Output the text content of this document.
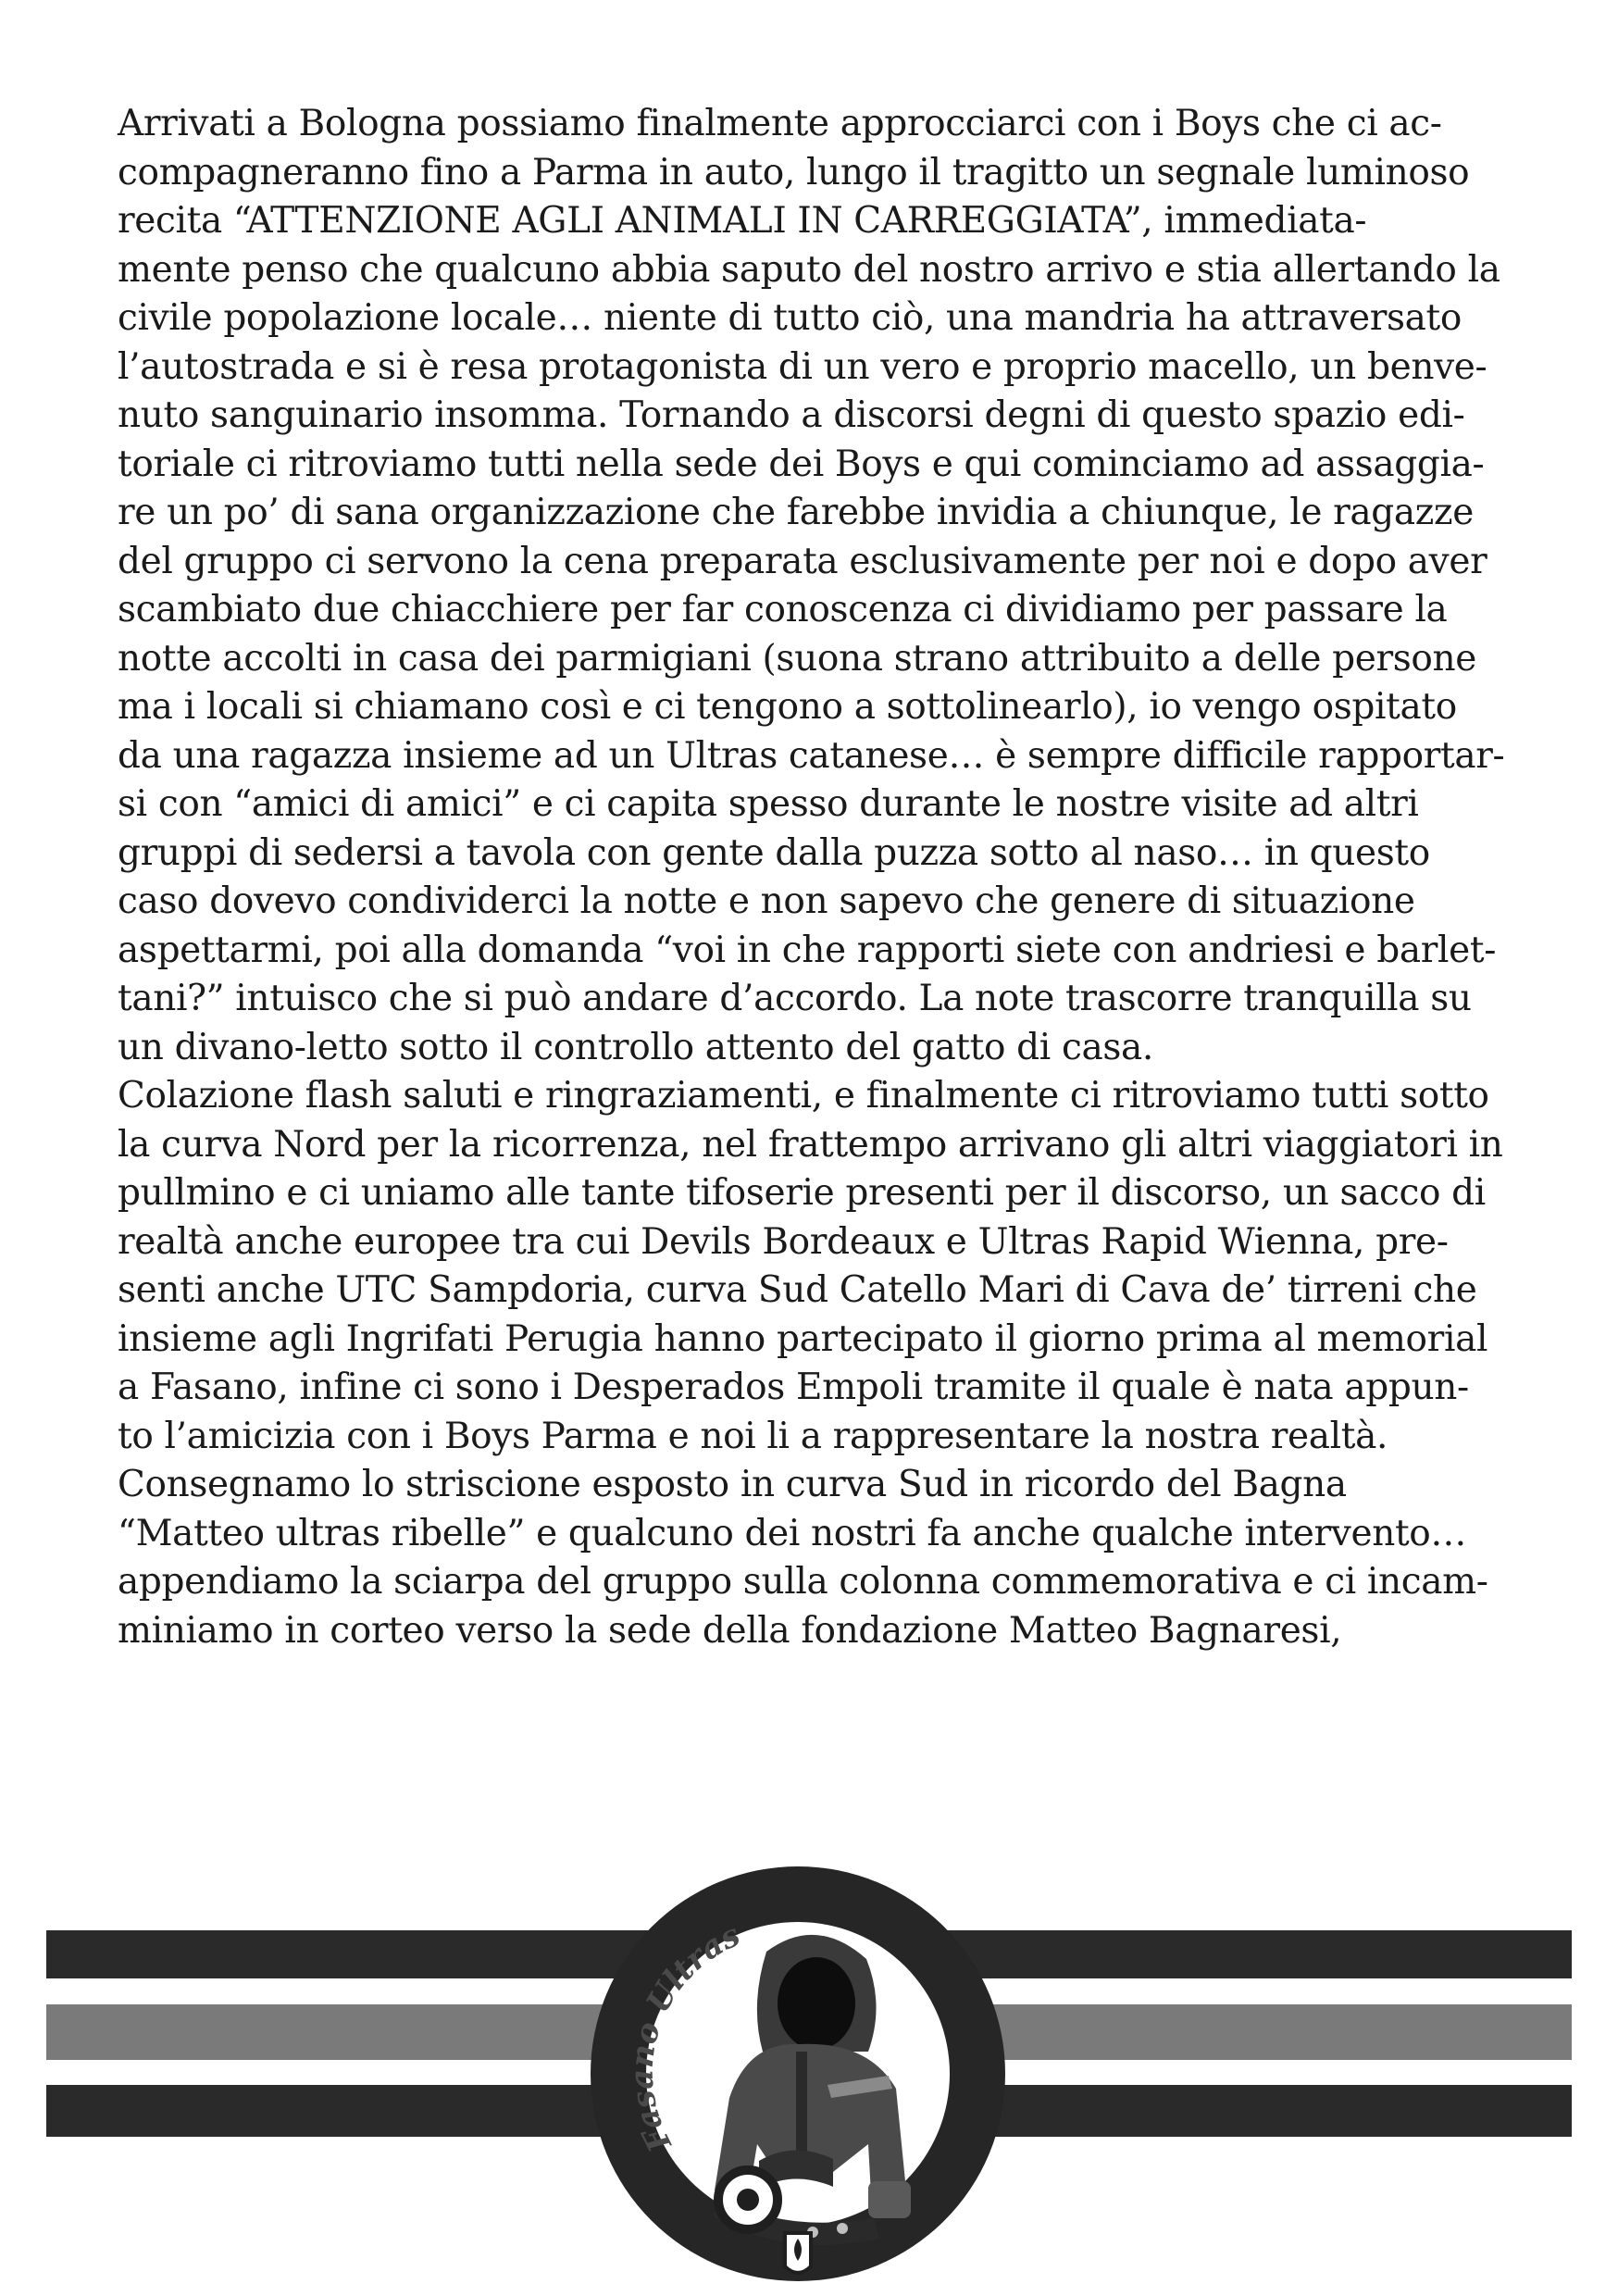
Arrivati a Bologna possiamo finalmente approcciarci con i Boys che ci ac-
compagneranno fino a Parma in auto, lungo il tragitto un segnale luminoso
recita “ATTENZIONE AGLI ANIMALI IN CARREGGIATA”, immediata-
mente penso che qualcuno abbia saputo del nostro arrivo e stia allertando la
civile popolazione locale… niente di tutto ciò, una mandria ha attraversato
l’autostrada e si è resa protagonista di un vero e proprio macello, un benve-
nuto sanguinario insomma. Tornando a discorsi degni di questo spazio edi-
toriale ci ritroviamo tutti nella sede dei Boys e qui cominciamo ad assaggia-
re un po’ di sana organizzazione che farebbe invidia a chiunque, le ragazze
del gruppo ci servono la cena preparata esclusivamente per noi e dopo aver
scambiato due chiacchiere per far conoscenza ci dividiamo per passare la
notte accolti in casa dei parmigiani (suona strano attribuito a delle persone
ma i locali si chiamano così e ci tengono a sottolinearlo), io vengo ospitato
da una ragazza insieme ad un Ultras catanese… è sempre difficile rapportar-
si con “amici di amici” e ci capita spesso durante le nostre visite ad altri
gruppi di sedersi a tavola con gente dalla puzza sotto al naso… in questo
caso dovevo condividerci la notte e non sapevo che genere di situazione
aspettarmi, poi alla domanda “voi in che rapporti siete con andriesi e barlet-
tani?” intuisco che si può andare d’accordo. La note trascorre tranquilla su
un divano-letto sotto il controllo attento del gatto di casa.
Colazione flash saluti e ringraziamenti, e finalmente ci ritroviamo tutti sotto
la curva Nord per la ricorrenza, nel frattempo arrivano gli altri viaggiatori in
pullmino e ci uniamo alle tante tifoserie presenti per il discorso, un sacco di
realtà anche europee tra cui Devils Bordeaux e Ultras Rapid Wienna, pre-
senti anche UTC Sampdoria, curva Sud Catello Mari di Cava de’ tirreni che
insieme agli Ingrifati Perugia hanno partecipato il giorno prima al memorial
a Fasano, infine ci sono i Desperados Empoli tramite il quale è nata appun-
to l’amicizia con i Boys Parma e noi li a rappresentare la nostra realtà.
Consegnamo lo striscione esposto in curva Sud in ricordo del Bagna
“Matteo ultras ribelle” e qualcuno dei nostri fa anche qualche intervento…
appendiamo la sciarpa del gruppo sulla colonna commemorativa e ci incam-
miniamo in corteo verso la sede della fondazione Matteo Bagnaresi,
Fasano Ultras
